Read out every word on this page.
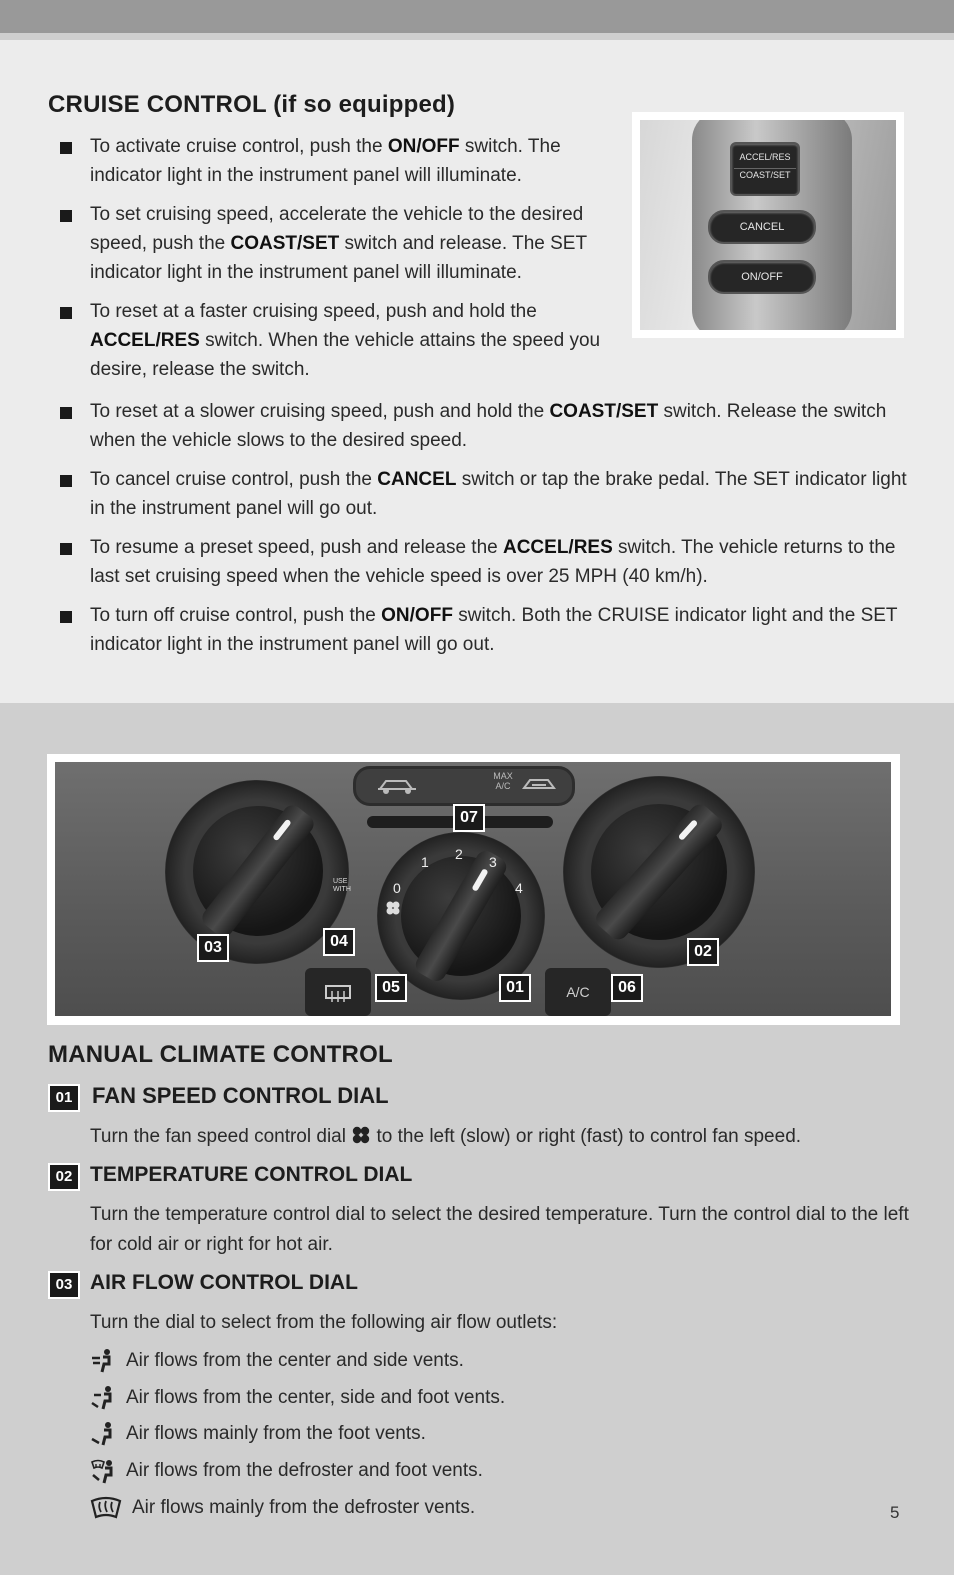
CRUISE CONTROL (if so equipped)
To activate cruise control, push the ON/OFF switch. The indicator light in the instrument panel will illuminate.
To set cruising speed, accelerate the vehicle to the desired speed, push the COAST/SET switch and release. The SET indicator light in the instrument panel will illuminate.
To reset at a faster cruising speed, push and hold the ACCEL/RES switch. When the vehicle attains the speed you desire, release the switch.
To reset at a slower cruising speed, push and hold the COAST/SET switch. Release the switch when the vehicle slows to the desired speed.
To cancel cruise control, push the CANCEL switch or tap the brake pedal. The SET indicator light in the instrument panel will go out.
To resume a preset speed, push and release the ACCEL/RES switch. The vehicle returns to the last set cruising speed when the vehicle speed is over 25 MPH (40 km/h).
To turn off cruise control, push the ON/OFF switch. Both the CRUISE indicator light and the SET indicator light in the instrument panel will go out.
ACCEL/RES
COAST/SET
CANCEL
ON/OFF
MAX A/C
USE WITH	0
1 2 3
4
A/C
03	04
05	01	06
07
02
MANUAL CLIMATE CONTROL
01 FAN SPEED CONTROL DIAL

Turn the fan speed control dial  to the left (slow) or right (fast) to control fan speed.

02 TEMPERATURE CONTROL DIAL

Turn the temperature control dial to select the desired temperature. Turn the control dial to the left for cold air or right for hot air.

03 AIR FLOW CONTROL DIAL

Turn the dial to select from the following air flow outlets:

Air flows from the center and side vents.
Air flows from the center, side and foot vents.
Air flows mainly from the foot vents.
Air flows from the defroster and foot vents.
Air flows mainly from the defroster vents.	5
